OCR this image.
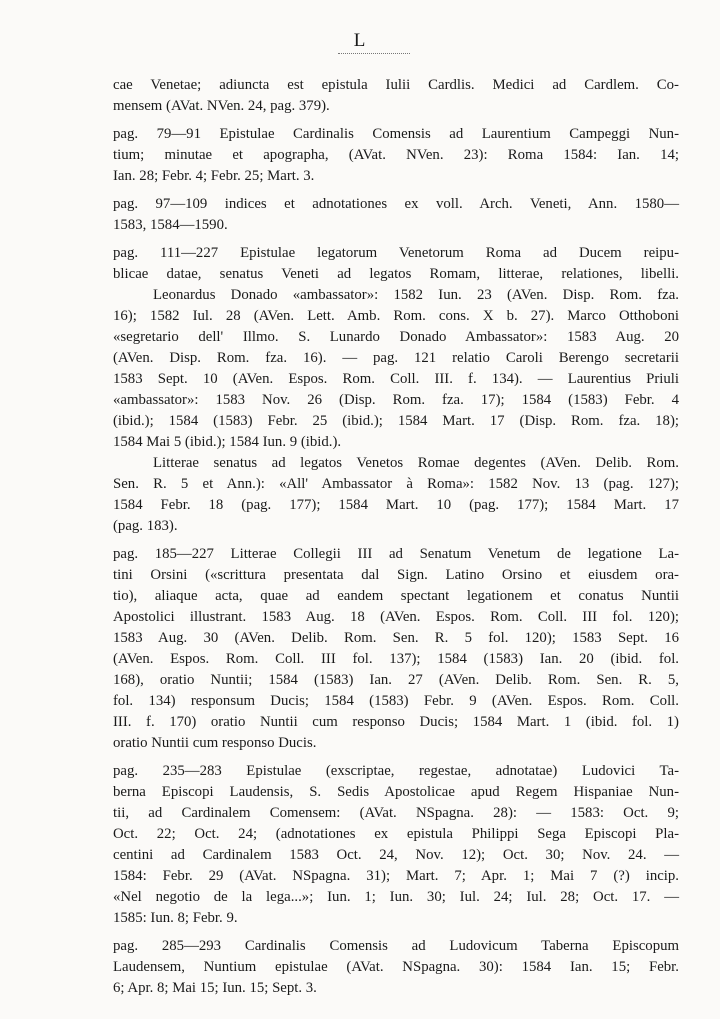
L
cae Venetae; adiuncta est epistula Iulii Cardlis. Medici ad Cardlem. Co-
mensem (AVat. NVen. 24, pag. 379).
pag. 79—91 Epistulae Cardinalis Comensis ad Laurentium Campeggi Nun-
tium; minutae et apographa, (AVat. NVen. 23): Roma 1584: Ian. 14;
Ian. 28; Febr. 4; Febr. 25; Mart. 3.
pag. 97—109 indices et adnotationes ex voll. Arch. Veneti, Ann. 1580—
1583, 1584—1590.
pag. 111—227 Epistulae legatorum Venetorum Roma ad Ducem reipu-
blicae datae, senatus Veneti ad legatos Romam, litterae, relationes, libelli.
Leonardus Donado «ambassator»: 1582 Iun. 23 (AVen. Disp. Rom. fza.
16); 1582 Iul. 28 (AVen. Lett. Amb. Rom. cons. X b. 27). Marco Otthoboni
«segretario dell' Illmo. S. Lunardo Donado Ambassator»: 1583 Aug. 20
(AVen. Disp. Rom. fza. 16). — pag. 121 relatio Caroli Berengo secretarii
1583 Sept. 10 (AVen. Espos. Rom. Coll. III. f. 134). — Laurentius Priuli
«ambassator»: 1583 Nov. 26 (Disp. Rom. fza. 17); 1584 (1583) Febr. 4
(ibid.); 1584 (1583) Febr. 25 (ibid.); 1584 Mart. 17 (Disp. Rom. fza. 18);
1584 Mai 5 (ibid.); 1584 Iun. 9 (ibid.).
Litterae senatus ad legatos Venetos Romae degentes (AVen. Delib. Rom.
Sen. R. 5 et Ann.): «All' Ambassator à Roma»: 1582 Nov. 13 (pag. 127);
1584 Febr. 18 (pag. 177); 1584 Mart. 10 (pag. 177); 1584 Mart. 17
(pag. 183).
pag. 185—227 Litterae Collegii III ad Senatum Venetum de legatione La-
tini Orsini («scrittura presentata dal Sign. Latino Orsino et eiusdem ora-
tio), aliaque acta, quae ad eandem spectant legationem et conatus Nuntii
Apostolici illustrant. 1583 Aug. 18 (AVen. Espos. Rom. Coll. III fol. 120);
1583 Aug. 30 (AVen. Delib. Rom. Sen. R. 5 fol. 120); 1583 Sept. 16
(AVen. Espos. Rom. Coll. III fol. 137); 1584 (1583) Ian. 20 (ibid. fol.
168), oratio Nuntii; 1584 (1583) Ian. 27 (AVen. Delib. Rom. Sen. R. 5,
fol. 134) responsum Ducis; 1584 (1583) Febr. 9 (AVen. Espos. Rom. Coll.
III. f. 170) oratio Nuntii cum responso Ducis; 1584 Mart. 1 (ibid. fol. 1)
oratio Nuntii cum responso Ducis.
pag. 235—283 Epistulae (exscriptae, regestae, adnotatae) Ludovici Ta-
berna Episcopi Laudensis, S. Sedis Apostolicae apud Regem Hispaniae Nun-
tii, ad Cardinalem Comensem: (AVat. NSpagna. 28): — 1583: Oct. 9;
Oct. 22; Oct. 24; (adnotationes ex epistula Philippi Sega Episcopi Pla-
centini ad Cardinalem 1583 Oct. 24, Nov. 12); Oct. 30; Nov. 24. —
1584: Febr. 29 (AVat. NSpagna. 31); Mart. 7; Apr. 1; Mai 7 (?) incip.
«Nel negotio de la lega...»; Iun. 1; Iun. 30; Iul. 24; Iul. 28; Oct. 17. —
1585: Iun. 8; Febr. 9.
pag. 285—293 Cardinalis Comensis ad Ludovicum Taberna Episcopum
Laudensem, Nuntium epistulae (AVat. NSpagna. 30): 1584 Ian. 15; Febr.
6; Apr. 8; Mai 15; Iun. 15; Sept. 3.
